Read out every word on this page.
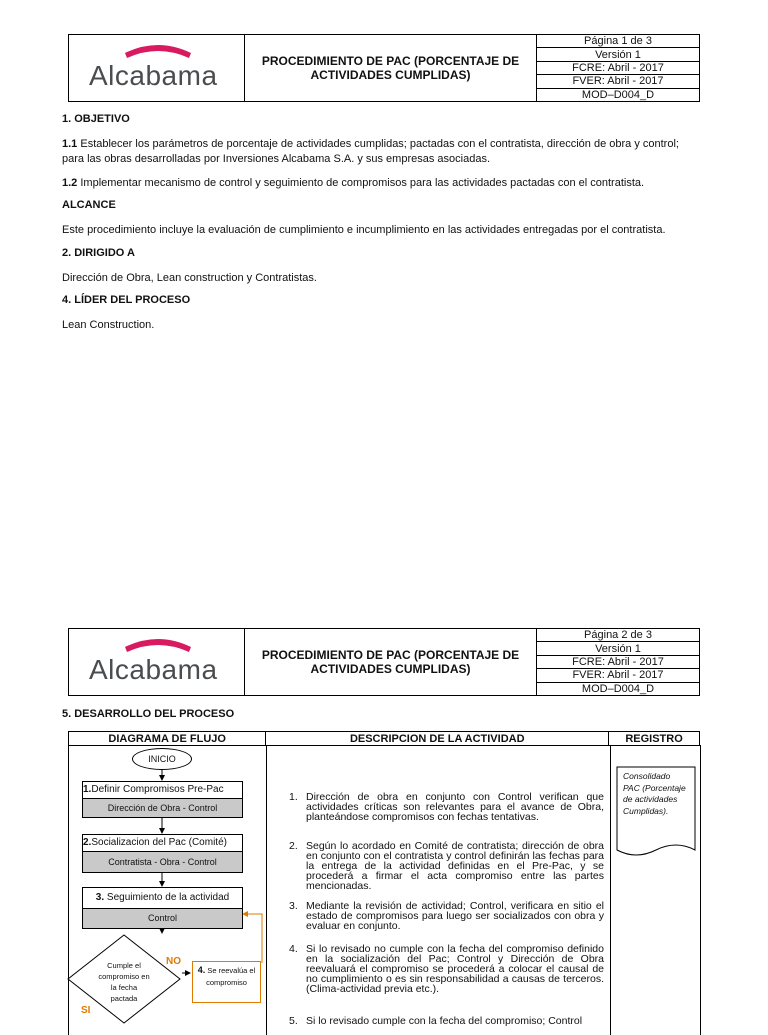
Alcabama	PROCEDIMIENTO DE PAC (PORCENTAJE DE ACTIVIDADES CUMPLIDAS)	Página 1 de 3
Versión 1
FCRE: Abril - 2017
FVER: Abril - 2017
MOD–D004_D
1. OBJETIVO

1.1 Establecer los parámetros de porcentaje de actividades cumplidas; pactadas con el contratista, dirección de obra y control; para las obras desarrolladas por Inversiones Alcabama S.A. y sus empresas asociadas.

1.2 Implementar mecanismo de control y seguimiento de compromisos para las actividades pactadas con el contratista.

ALCANCE

Este procedimiento incluye la evaluación de cumplimiento e incumplimiento en las actividades entregadas por el contratista.

2. DIRIGIDO A

Dirección de Obra, Lean construction y Contratistas.

4. LÍDER DEL PROCESO

Lean Construction.

Alcabama	PROCEDIMIENTO DE PAC (PORCENTAJE DE ACTIVIDADES CUMPLIDAS)	Página 2 de 3
Versión 1
FCRE: Abril - 2017
FVER: Abril - 2017
MOD–D004_D
5. DESARROLLO DEL PROCESO
DIAGRAMA DE FLUJO	DESCRIPCION DE LA ACTIVIDAD	REGISTRO
INICIO
1.Definir Compromisos Pre-Pac
Dirección de Obra - Control
2.Socializacion del Pac (Comité)
Contratista - Obra - Control
3. Seguimiento de la actividad
Control
Cumple el compromiso en la fecha pactada
NO
SI
4. Se reevalúa el compromiso
1. Dirección de obra en conjunto con Control verifican que actividades críticas son relevantes para el avance de Obra, planteándose compromisos con fechas tentativas.
2. Según lo acordado en Comité de contratista; dirección de obra en conjunto con el contratista y control definirán las fechas para la entrega de la actividad definidas en el Pre-Pac, y se procederá a firmar el acta compromiso entre las partes mencionadas.
3. Mediante la revisión de actividad; Control, verificara en sitio el estado de compromisos para luego ser socializados con obra y evaluar en conjunto.
4. Si lo revisado no cumple con la fecha del compromiso definido en la socialización del Pac; Control y Dirección de Obra reevaluará el compromiso se procederá a colocar el causal de no cumplimiento o es sin responsabilidad a causas de terceros. (Clima-actividad previa etc.).
5. Si lo revisado cumple con la fecha del compromiso; Control
Consolidado PAC (Porcentaje de actividades Cumplidas).
